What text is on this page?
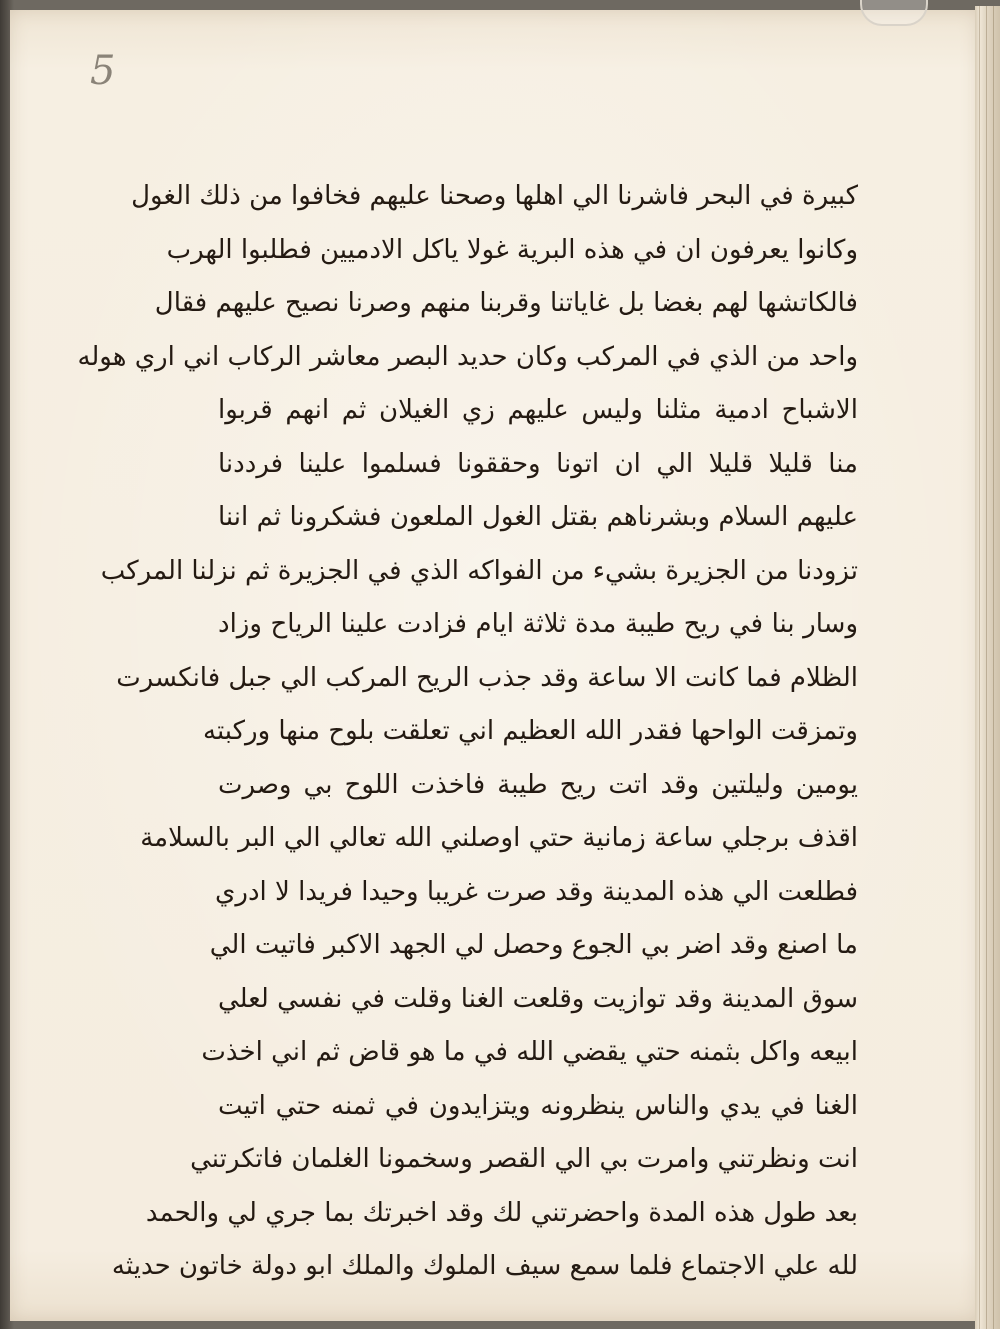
5
كبيرة في البحر فاشرنا الي اهلها وصحنا عليهم فخافوا من ذلك الغول
وكانوا يعرفون ان في هذه البرية غولا ياكل الادميين فطلبوا الهرب
فالكاتشها لهم بغضا بل غاياتنا وقربنا منهم وصرنا نصيح عليهم فقال
واحد من الذي في المركب وكان حديد البصر معاشر الركاب اني اري هوله
الاشباح ادمية مثلنا وليس عليهم زي الغيلان ثم انهم قربوا
منا قليلا قليلا الي ان اتونا وحققونا فسلموا علينا فرددنا
عليهم السلام وبشرناهم بقتل الغول الملعون فشكرونا ثم اننا
تزودنا من الجزيرة بشيء من الفواكه الذي في الجزيرة ثم نزلنا المركب
وسار بنا في ريح طيبة مدة ثلاثة ايام فزادت علينا الرياح وزاد
الظلام فما كانت الا ساعة وقد جذب الريح المركب الي جبل فانكسرت
وتمزقت الواحها فقدر الله العظيم اني تعلقت بلوح منها وركبته
يومين وليلتين وقد اتت ريح طيبة فاخذت اللوح بي وصرت
اقذف برجلي ساعة زمانية حتي اوصلني الله تعالي الي البر بالسلامة
فطلعت الي هذه المدينة وقد صرت غريبا وحيدا فريدا لا ادري
ما اصنع وقد اضر بي الجوع وحصل لي الجهد الاكبر فاتيت الي
سوق المدينة وقد توازيت وقلعت الغنا وقلت في نفسي لعلي
ابيعه واكل بثمنه حتي يقضي الله في ما هو قاض ثم اني اخذت
الغنا في يدي والناس ينظرونه ويتزايدون في ثمنه حتي اتيت
انت ونظرتني وامرت بي الي القصر وسخمونا الغلمان فاتكرتني
بعد طول هذه المدة واحضرتني لك وقد اخبرتك بما جري لي والحمد
لله علي الاجتماع فلما سمع سيف الملوك والملك ابو دولة خاتون حديثه
